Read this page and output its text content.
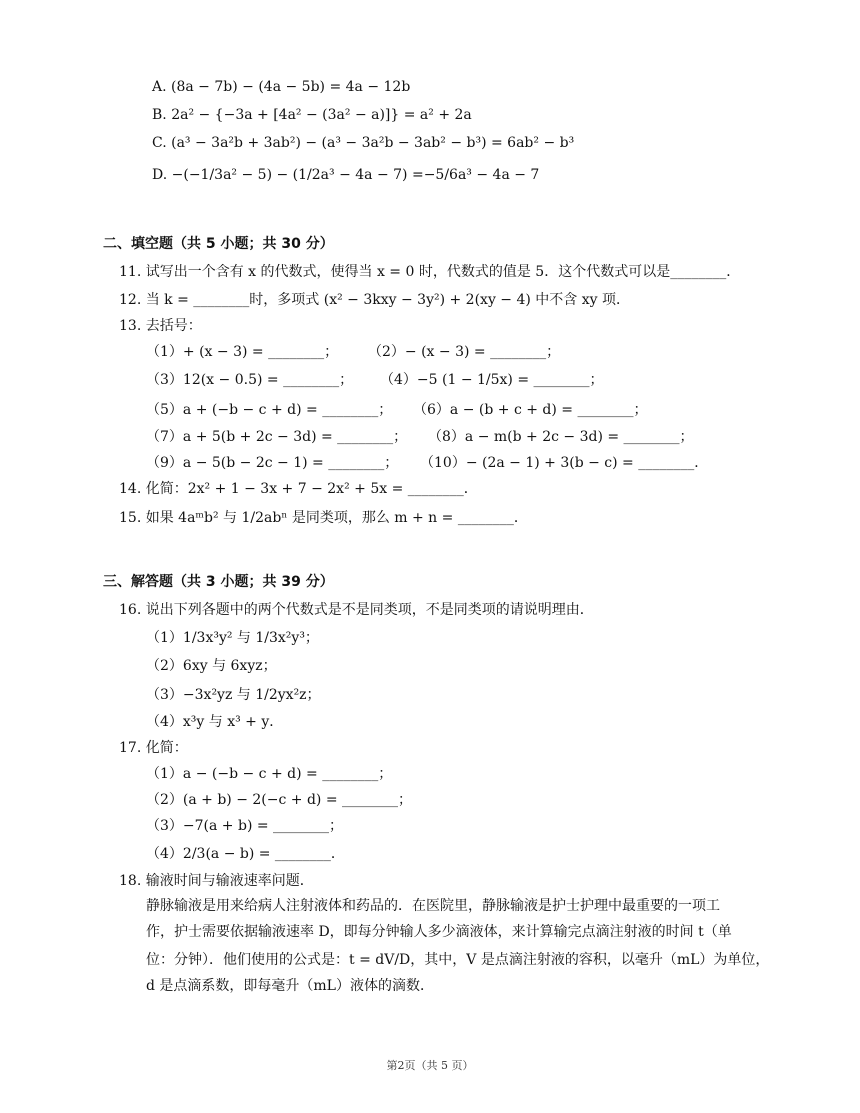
A. (8a − 7b) − (4a − 5b) = 4a − 12b
B. 2a² − {−3a + [4a² − (3a² − a)]} = a² + 2a
C. (a³ − 3a²b + 3ab²) − (a³ − 3a²b − 3ab² − b³) = 6ab² − b³
D. −(−1/3a² − 5) − (1/2a³ − 4a − 7) =−5/6a³ − 4a − 7
二、填空题（共 5 小题；共 30 分）
11. 试写出一个含有 x 的代数式，使得当 x = 0 时，代数式的值是 5．这个代数式可以是________．
12. 当 k = ________时，多项式 (x² − 3kxy − 3y²) + 2(xy − 4) 中不含 xy 项．
13. 去括号：
（1）+ (x − 3) = ________； （2）− (x − 3) = ________；
（3）12(x − 0.5) = ________； （4）−5 (1 − 1/5x) = ________；
（5）a + (−b − c + d) = ________； （6）a − (b + c + d) = ________；
（7）a + 5(b + 2c − 3d) = ________； （8）a − m(b + 2c − 3d) = ________；
（9）a − 5(b − 2c − 1) = ________； （10）− (2a − 1) + 3(b − c) = ________．
14. 化简：2x² + 1 − 3x + 7 − 2x² + 5x = ________．
15. 如果 4aᵐb² 与 1/2abⁿ 是同类项，那么 m + n = ________．
三、解答题（共 3 小题；共 39 分）
16. 说出下列各题中的两个代数式是不是同类项，不是同类项的请说明理由．
（1）1/3x³y² 与 1/3x²y³；
（2）6xy 与 6xyz；
（3）−3x²yz 与 1/2yx²z；
（4）x³y 与 x³ + y．
17. 化简：
（1）a − (−b − c + d) = ________；
（2）(a + b) − 2(−c + d) = ________；
（3）−7(a + b) = ________；
（4）2/3(a − b) = ________．
18. 输液时间与输液速率问题．
静脉输液是用来给病人注射液体和药品的．在医院里，静脉输液是护士护理中最重要的一项工
作，护士需要依据输液速率 D，即每分钟输人多少滴液体，来计算输完点滴注射液的时间 t（单
位：分钟）．他们使用的公式是：t = dV/D，其中，V 是点滴注射液的容积，以毫升（mL）为单位，
d 是点滴系数，即每毫升（mL）液体的滴数．
第2页（共 5 页）
